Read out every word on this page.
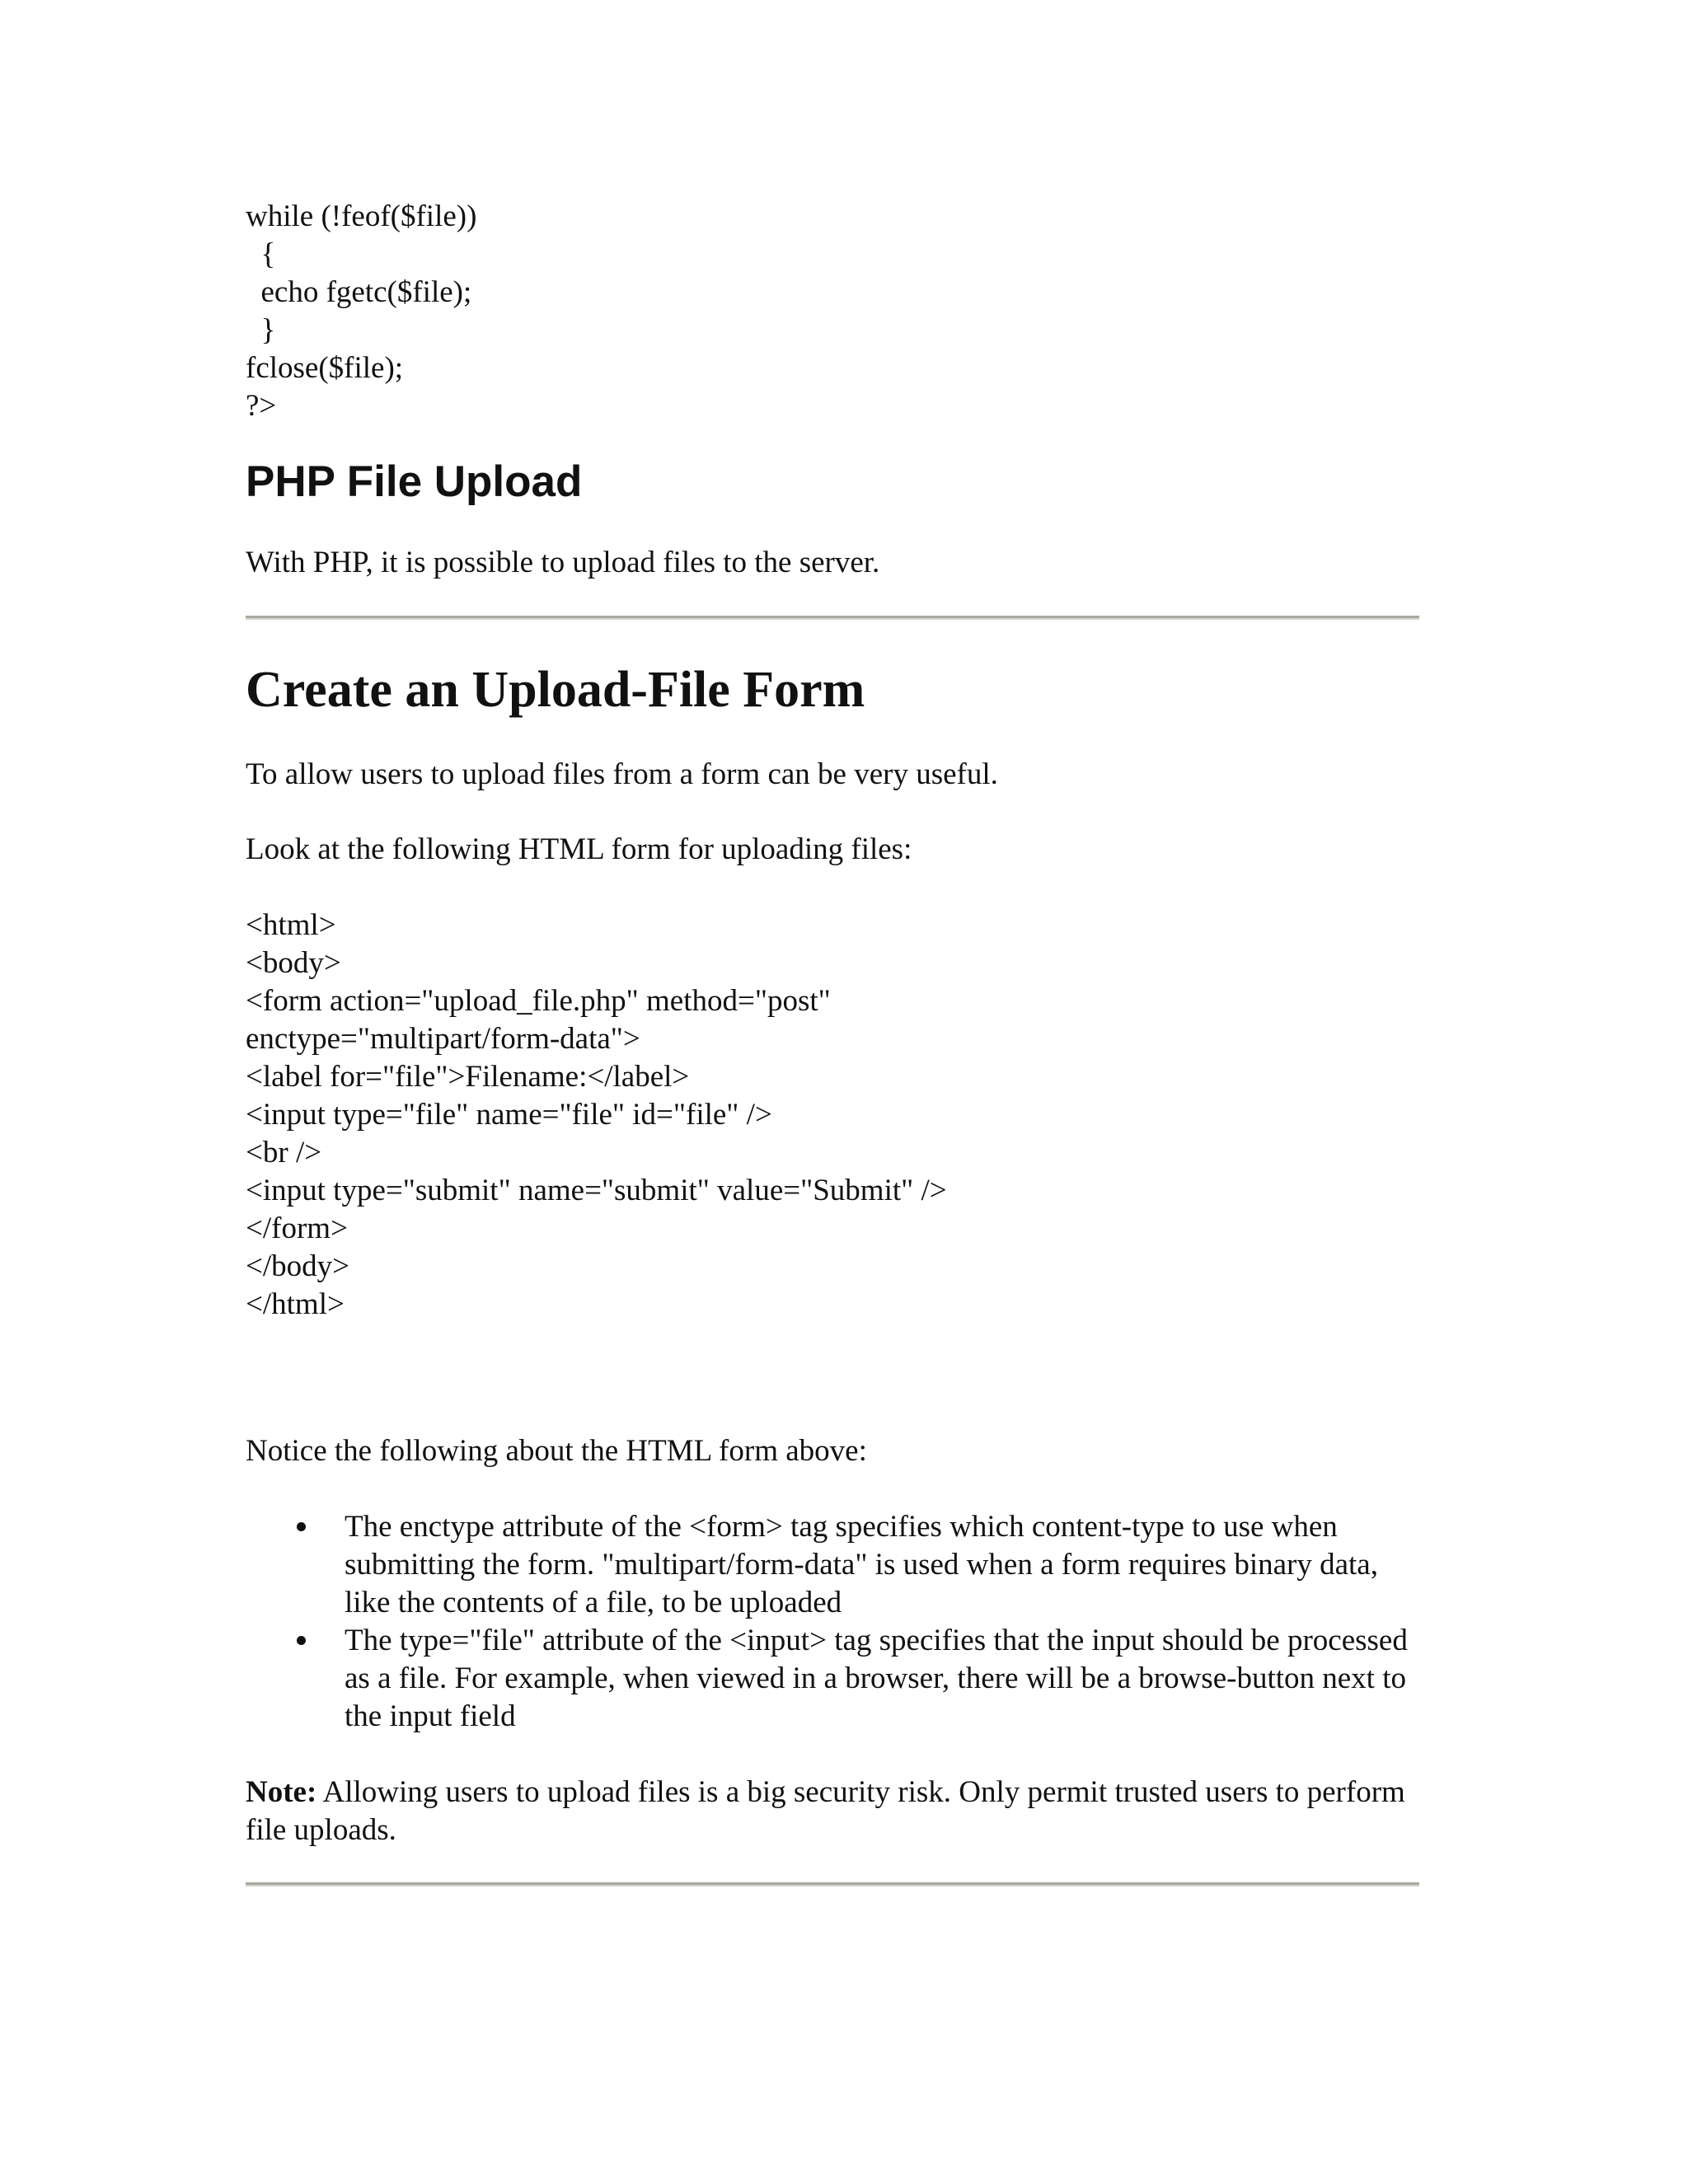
while (!feof($file))
{
echo fgetc($file);
}
fclose($file);
?>
PHP File Upload
With PHP, it is possible to upload files to the server.
Create an Upload-File Form
To allow users to upload files from a form can be very useful.
Look at the following HTML form for uploading files:
<html>
<body>
<form action="upload_file.php" method="post"
enctype="multipart/form-data">
<label for="file">Filename:</label>
<input type="file" name="file" id="file" />
<br />
<input type="submit" name="submit" value="Submit" />
</form>
</body>
</html>
Notice the following about the HTML form above:
The enctype attribute of the <form> tag specifies which content-type to use when submitting the form. "multipart/form-data" is used when a form requires binary data, like the contents of a file, to be uploaded
The type="file" attribute of the <input> tag specifies that the input should be processed as a file. For example, when viewed in a browser, there will be a browse-button next to the input field
Note: Allowing users to upload files is a big security risk. Only permit trusted users to perform file uploads.
